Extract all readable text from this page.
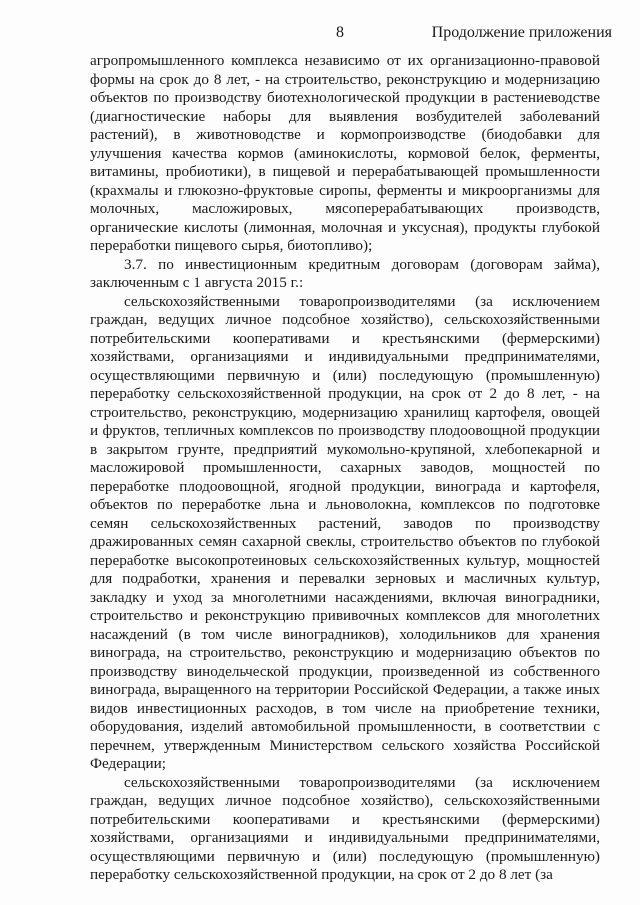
8	Продолжение приложения

агропромышленного комплекса независимо от их организационно-правовой формы на срок до 8 лет, - на строительство, реконструкцию и модернизацию объектов по производству биотехнологической продукции в растениеводстве (диагностические наборы для выявления возбудителей заболеваний растений), в животноводстве и кормопроизводстве (биодобавки для улучшения качества кормов (аминокислоты, кормовой белок, ферменты, витамины, пробиотики), в пищевой и перерабатывающей промышленности (крахмалы и глюкозно-фруктовые сиропы, ферменты и микроорганизмы для молочных, масложировых, мясоперерабатывающих производств, органические кислоты (лимонная, молочная и уксусная), продукты глубокой переработки пищевого сырья, биотопливо);

3.7. по инвестиционным кредитным договорам (договорам займа), заключенным с 1 августа 2015 г.:

сельскохозяйственными товаропроизводителями (за исключением граждан, ведущих личное подсобное хозяйство), сельскохозяйственными потребительскими кооперативами и крестьянскими (фермерскими) хозяйствами, организациями и индивидуальными предпринимателями, осуществляющими первичную и (или) последующую (промышленную) переработку сельскохозяйственной продукции, на срок от 2 до 8 лет, - на строительство, реконструкцию, модернизацию хранилищ картофеля, овощей и фруктов, тепличных комплексов по производству плодоовощной продукции в закрытом грунте, предприятий мукомольно-крупяной, хлебопекарной и масложировой промышленности, сахарных заводов, мощностей по переработке плодоовощной, ягодной продукции, винограда и картофеля, объектов по переработке льна и льноволокна, комплексов по подготовке семян сельскохозяйственных растений, заводов по производству дражированных семян сахарной свеклы, строительство объектов по глубокой переработке высокопротеиновых сельскохозяйственных культур, мощностей для подработки, хранения и перевалки зерновых и масличных культур, закладку и уход за многолетними насаждениями, включая виноградники, строительство и реконструкцию прививочных комплексов для многолетних насаждений (в том числе виноградников), холодильников для хранения винограда, на строительство, реконструкцию и модернизацию объектов по производству винодельческой продукции, произведенной из собственного винограда, выращенного на территории Российской Федерации, а также иных видов инвестиционных расходов, в том числе на приобретение техники, оборудования, изделий автомобильной промышленности, в соответствии с перечнем, утвержденным Министерством сельского хозяйства Российской Федерации;

сельскохозяйственными товаропроизводителями (за исключением граждан, ведущих личное подсобное хозяйство), сельскохозяйственными потребительскими кооперативами и крестьянскими (фермерскими) хозяйствами, организациями и индивидуальными предпринимателями, осуществляющими первичную и (или) последующую (промышленную) переработку сельскохозяйственной продукции, на срок от 2 до 8 лет (за
